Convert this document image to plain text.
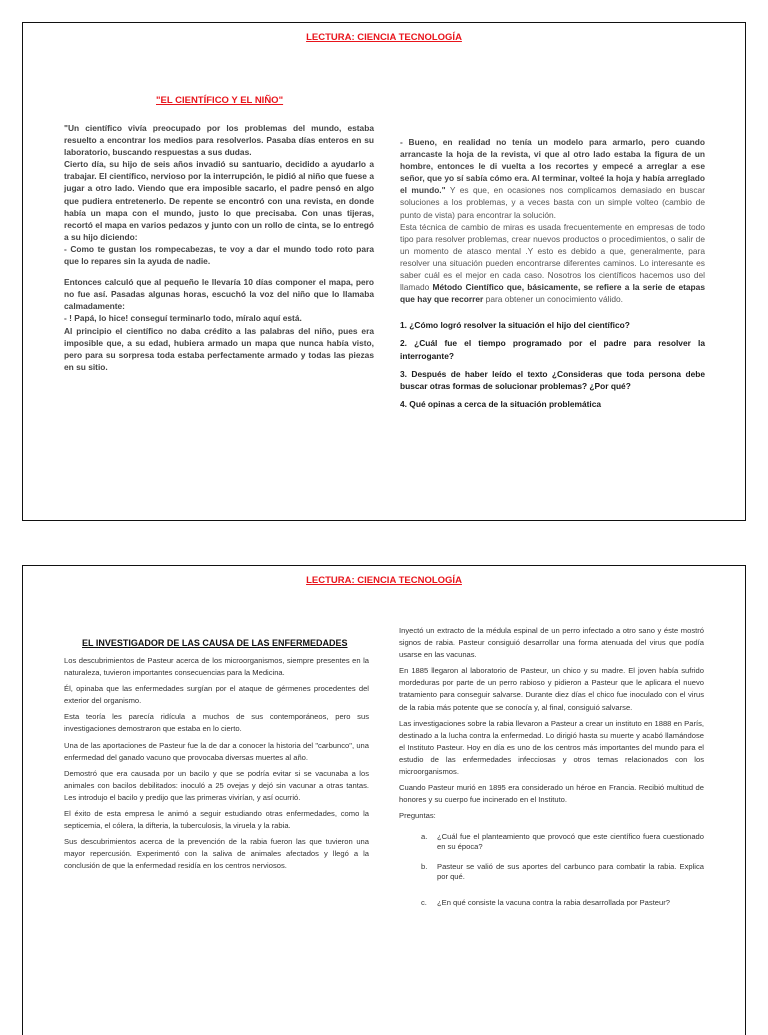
LECTURA: CIENCIA TECNOLOGÍA
"EL CIENTÍFICO Y EL NIÑO"

"Un científico vivía preocupado por los problemas del mundo, estaba resuelto a encontrar los medios para resolverlos. Pasaba días enteros en su laboratorio, buscando respuestas a sus dudas.

Cierto día, su hijo de seis años invadió su santuario, decidido a ayudarlo a trabajar. El científico, nervioso por la interrupción, le pidió al niño que fuese a jugar a otro lado. Viendo que era imposible sacarlo, el padre pensó en algo que pudiera entretenerlo. De repente se encontró con una revista, en donde había un mapa con el mundo, justo lo que precisaba. Con unas tijeras, recortó el mapa en varios pedazos y junto con un rollo de cinta, se lo entregó a su hijo diciendo:

- Como te gustan los rompecabezas, te voy a dar el mundo todo roto para que lo repares sin la ayuda de nadie.

Entonces calculó que al pequeño le llevaría 10 días componer el mapa, pero no fue así. Pasadas algunas horas, escuchó la voz del niño que lo llamaba calmadamente:

- ! Papá, lo hice! conseguí terminarlo todo, míralo aquí está.

Al principio el científico no daba crédito a las palabras del niño, pues era imposible que, a su edad, hubiera armado un mapa que nunca había visto, pero para su sorpresa toda estaba perfectamente armado y todas las piezas en su sitio.

- Bueno, en realidad no tenía un modelo para armarlo, pero cuando arrancaste la hoja de la revista, vi que al otro lado estaba la figura de un hombre, entonces le di vuelta a los recortes y empecé a arreglar a ese señor, que yo sí sabía cómo era. Al terminar, volteé la hoja y había arreglado el mundo." Y es que, en ocasiones nos complicamos demasiado en buscar soluciones a los problemas, y a veces basta con un simple volteo (cambio de punto de vista) para encontrar la solución.

Esta técnica de cambio de miras es usada frecuentemente en empresas de todo tipo para resolver problemas, crear nuevos productos o procedimientos, o salir de un momento de atasco mental .Y esto es debido a que, generalmente, para resolver una situación pueden encontrarse diferentes caminos. Lo interesante es saber cuál es el mejor en cada caso. Nosotros los científicos hacemos uso del llamado Método Científico que, básicamente, se refiere a la serie de etapas que hay que recorrer para obtener un conocimiento válido.

1. ¿Cómo logró resolver la situación el hijo del científico?

2. ¿Cuál fue el tiempo programado por el padre para resolver la interrogante?

3. Después de haber leído el texto ¿Consideras que toda persona debe buscar otras formas de solucionar problemas? ¿Por qué?

4. Qué opinas a cerca de la situación problemática

LECTURA: CIENCIA TECNOLOGÍA
EL INVESTIGADOR DE LAS CAUSA DE LAS ENFERMEDADES

Los descubrimientos de Pasteur acerca de los microorganismos, siempre presentes en la naturaleza, tuvieron importantes consecuencias para la Medicina.

Él, opinaba que las enfermedades surgían por el ataque de gérmenes procedentes del exterior del organismo.

Esta teoría les parecía ridícula a muchos de sus contemporáneos, pero sus investigaciones demostraron que estaba en lo cierto.

Una de las aportaciones de Pasteur fue la de dar a conocer la historia del "carbunco", una enfermedad del ganado vacuno que provocaba diversas muertes al año.

Demostró que era causada por un bacilo y que se podría evitar si se vacunaba a los animales con bacilos debilitados: inoculó a 25 ovejas y dejó sin vacunar a otras tantas. Les introdujo el bacilo y predijo que las primeras vivirían, y así ocurrió.

El éxito de esta empresa le animó a seguir estudiando otras enfermedades, como la septicemia, el cólera, la difteria, la tuberculosis, la viruela y la rabia.

Sus descubrimientos acerca de la prevención de la rabia fueron las que tuvieron una mayor repercusión. Experimentó con la saliva de animales afectados y llegó a la conclusión de que la enfermedad residía en los centros nerviosos.

Inyectó un extracto de la médula espinal de un perro infectado a otro sano y éste mostró signos de rabia. Pasteur consiguió desarrollar una forma atenuada del virus que podía usarse en las vacunas.

En 1885 llegaron al laboratorio de Pasteur, un chico y su madre. El joven había sufrido mordeduras por parte de un perro rabioso y pidieron a Pasteur que le aplicara el nuevo tratamiento para conseguir salvarse. Durante diez días el chico fue inoculado con el virus de la rabia más potente que se conocía y, al final, consiguió salvarse.

Las investigaciones sobre la rabia llevaron a Pasteur a crear un instituto en 1888 en París, destinado a la lucha contra la enfermedad. Lo dirigió hasta su muerte y acabó llamándose el Instituto Pasteur. Hoy en día es uno de los centros más importantes del mundo para el estudio de las enfermedades infecciosas y otros temas relacionados con los microorganismos.

Cuando Pasteur murió en 1895 era considerado un héroe en Francia. Recibió multitud de honores y su cuerpo fue incinerado en el Instituto.

Preguntas:

a. ¿Cuál fue el planteamiento que provocó que este científico fuera cuestionado en su época?
b. Pasteur se valió de sus aportes del carbunco para combatir la rabia. Explica por qué.
c. ¿En qué consiste la vacuna contra la rabia desarrollada por Pasteur?
